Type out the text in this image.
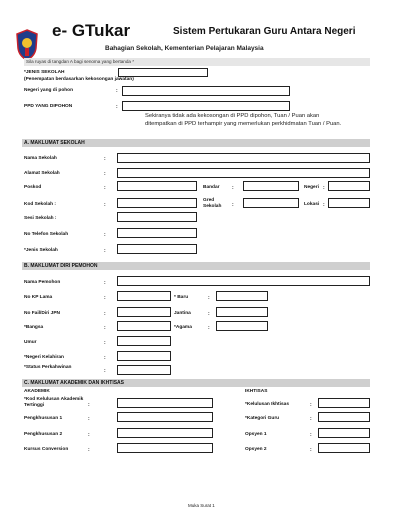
e- GTukar	Sistem Pertukaran Guru Antara Negeri
Bahagian Sekolah, Kementerian Pelajaran Malaysia
Sila ruyas di tangdan A bagi senoma yang bertanda *
*JENIS SEKOLAH
(Penempatan berdasarkan kekosongan jawatan)
Negeri yang di pohon	:
PPD YANG DIPOHON	:
Sekiranya tidak ada kekosongan di PPD dipohon, Tuan / Puan akan ditempatkan di PPD terhampir yang memerlukan perkhidmatan Tuan / Puan.
A. MAKLUMAT SEKOLAH
Nama Sekolah	:
Alamat Sekolah	:
Poskod	:	Bandar :	Negeri :
Kod Sekolah :	:
Gred Sekolah	:	Lokasi :
Sesi Sekolah :
No Telefon Sekolah	:
*Jenis Sekolah	:
B. MAKLUMAT DIRI PEMOHON
Nama Pemohon	:
No KP Lama	:	* Baru	:
No Fail/Diri JPN	:	Jantina	:
*Bangsa	:	*Agama	:
Umur	:
*Negeri Kelahiran	:
*Status Perkahwinan
:
C. MAKLUMAT AKADEMIK DAN IKHTISAS
AKADEMIK	IKHTISAS
*Kod Kelulusan Akademik Tertinggi	:	*Kelulusan Ikhtisas	:
Pengkhususan 1	:	*Kategori Guru	:
Pengkhususan 2	:	Opsyen 1	:
Kursus Conversion	:	Opsyen 2	:
Muka Surat 1
